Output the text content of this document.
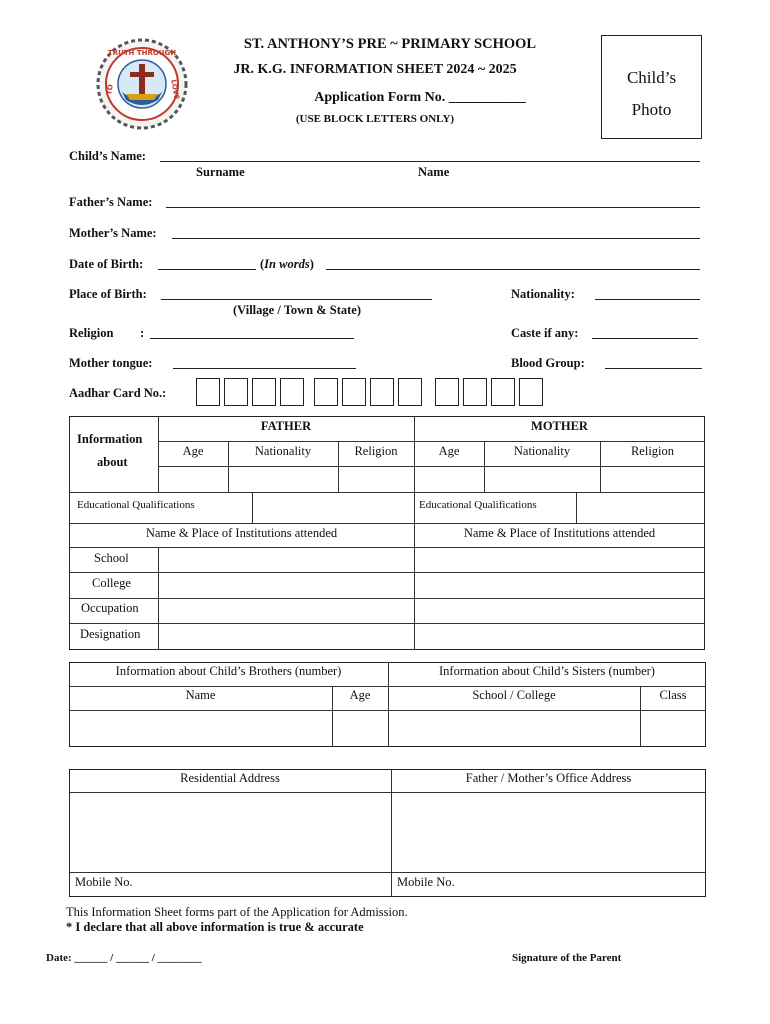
TRUTH THROUGH
TO	LOVE
ST. ANTHONY’S PRE ~ PRIMARY SCHOOL
JR. K.G. INFORMATION SHEET 2024 ~ 2025
Application Form No. ___________
(USE BLOCK LETTERS ONLY)
Child’s
Photo
Child’s Name:
Surname	Name
Father’s Name:
Mother’s Name:
Date of Birth:	(In words)
Place of Birth:
(Village / Town & State)
Nationality:
Religion :	Caste if any:
Mother tongue:	Blood Group:
Aadhar Card No.:
Information
about
FATHER	MOTHER
Age	Nationality	Religion	Age	Nationality	Religion
Educational Qualifications	Educational Qualifications
Name & Place of Institutions attended	Name & Place of Institutions attended
School
College
Occupation
Designation
Information about Child’s Brothers (number)	Information about Child’s Sisters (number)
Name	Age	School / College	Class
Residential Address	Father / Mother’s Office Address
Mobile No.	Mobile No.
This Information Sheet forms part of the Application for Admission.
* I declare that all above information is true & accurate
Date: ______ / ______ / ________	Signature of the Parent
